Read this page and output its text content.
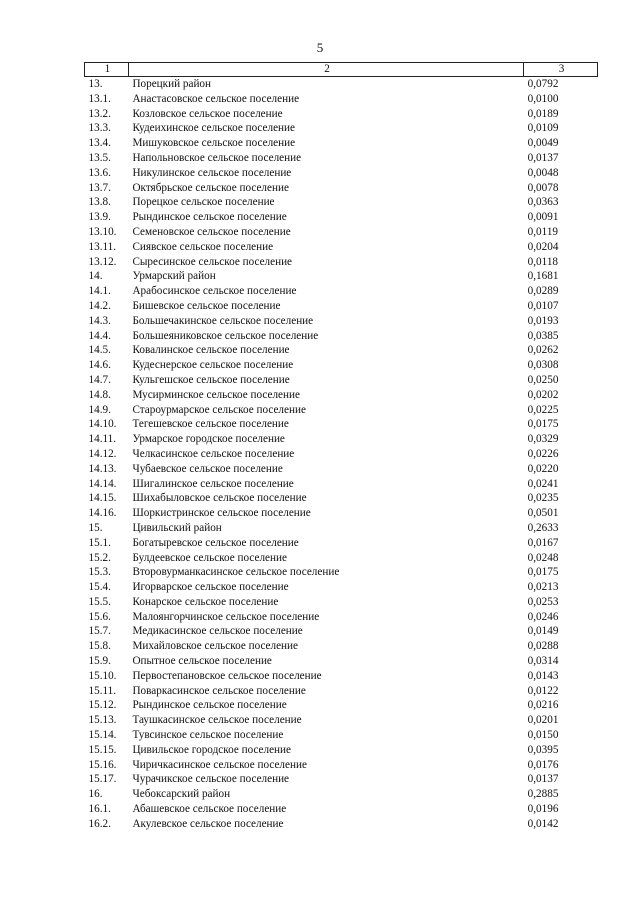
5
1	2	3
13.	Порецкий район	0,0792
13.1.	Анастасовское сельское поселение	0,0100
13.2.	Козловское сельское поселение	0,0189
13.3.	Кудеихинское сельское поселение	0,0109
13.4.	Мишуковское сельское поселение	0,0049
13.5.	Напольновское сельское поселение	0,0137
13.6.	Никулинское сельское поселение	0,0048
13.7.	Октябрьское сельское поселение	0,0078
13.8.	Порецкое сельское поселение	0,0363
13.9.	Рындинское сельское поселение	0,0091
13.10.	Семеновское сельское поселение	0,0119
13.11.	Сиявское сельское поселение	0,0204
13.12.	Сыресинское сельское поселение	0,0118
14.	Урмарский район	0,1681
14.1.	Арабосинское сельское поселение	0,0289
14.2.	Бишевское сельское поселение	0,0107
14.3.	Большечакинское сельское поселение	0,0193
14.4.	Большеяниковское сельское поселение	0,0385
14.5.	Ковалинское сельское поселение	0,0262
14.6.	Кудеснерское сельское поселение	0,0308
14.7.	Кульгешское сельское поселение	0,0250
14.8.	Мусирминское сельское поселение	0,0202
14.9.	Староурмарское сельское поселение	0,0225
14.10.	Тегешевское сельское поселение	0,0175
14.11.	Урмарское городское поселение	0,0329
14.12.	Челкасинское сельское поселение	0,0226
14.13.	Чубаевское сельское поселение	0,0220
14.14.	Шигалинское сельское поселение	0,0241
14.15.	Шихабыловское сельское поселение	0,0235
14.16.	Шоркистринское сельское поселение	0,0501
15.	Цивильский район	0,2633
15.1.	Богатыревское сельское поселение	0,0167
15.2.	Булдеевское сельское поселение	0,0248
15.3.	Второвурманкасинское сельское поселение	0,0175
15.4.	Игорварское сельское поселение	0,0213
15.5.	Конарское сельское поселение	0,0253
15.6.	Малоянгорчинское сельское поселение	0,0246
15.7.	Медикасинское сельское поселение	0,0149
15.8.	Михайловское сельское поселение	0,0288
15.9.	Опытное сельское поселение	0,0314
15.10.	Первостепановское сельское поселение	0,0143
15.11.	Поваркасинское сельское поселение	0,0122
15.12.	Рындинское сельское поселение	0,0216
15.13.	Таушкасинское сельское поселение	0,0201
15.14.	Тувсинское сельское поселение	0,0150
15.15.	Цивильское городское поселение	0,0395
15.16.	Чиричкасинское сельское поселение	0,0176
15.17.	Чурачикское сельское поселение	0,0137
16.	Чебоксарский район	0,2885
16.1.	Абашевское сельское поселение	0,0196
16.2.	Акулевское сельское поселение	0,0142
